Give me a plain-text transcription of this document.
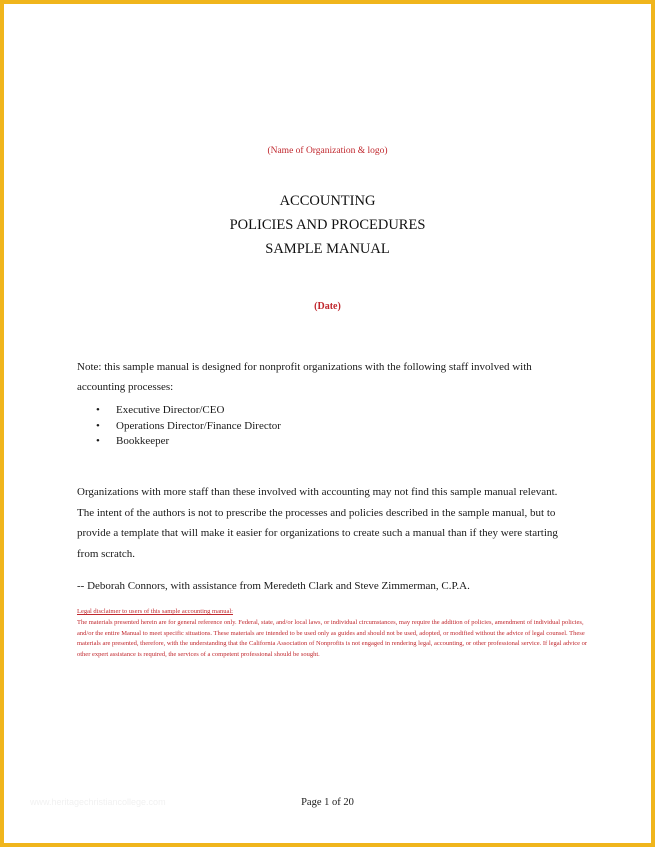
(Name of Organization & logo)
ACCOUNTING
POLICIES AND PROCEDURES
SAMPLE MANUAL
(Date)
Note: this sample manual is designed for nonprofit organizations with the following staff involved with accounting processes:
• Executive Director/CEO
• Operations Director/Finance Director
• Bookkeeper
Organizations with more staff than these involved with accounting may not find this sample manual relevant. The intent of the authors is not to prescribe the processes and policies described in the sample manual, but to provide a template that will make it easier for organizations to create such a manual than if they were starting from scratch.
-- Deborah Connors, with assistance from Meredeth Clark and Steve Zimmerman, C.P.A.
Legal disclaimer to users of this sample accounting manual:
The materials presented herein are for general reference only. Federal, state, and/or local laws, or individual circumstances, may require the addition of policies, amendment of individual policies, and/or the entire Manual to meet specific situations. These materials are intended to be used only as guides and should not be used, adopted, or modified without the advice of legal counsel. These materials are presented, therefore, with the understanding that the California Association of Nonprofits is not engaged in rendering legal, accounting, or other professional service. If legal advice or other expert assistance is required, the services of a competent professional should be sought.
www.heritagechristiancollege.com	Page 1 of 20
